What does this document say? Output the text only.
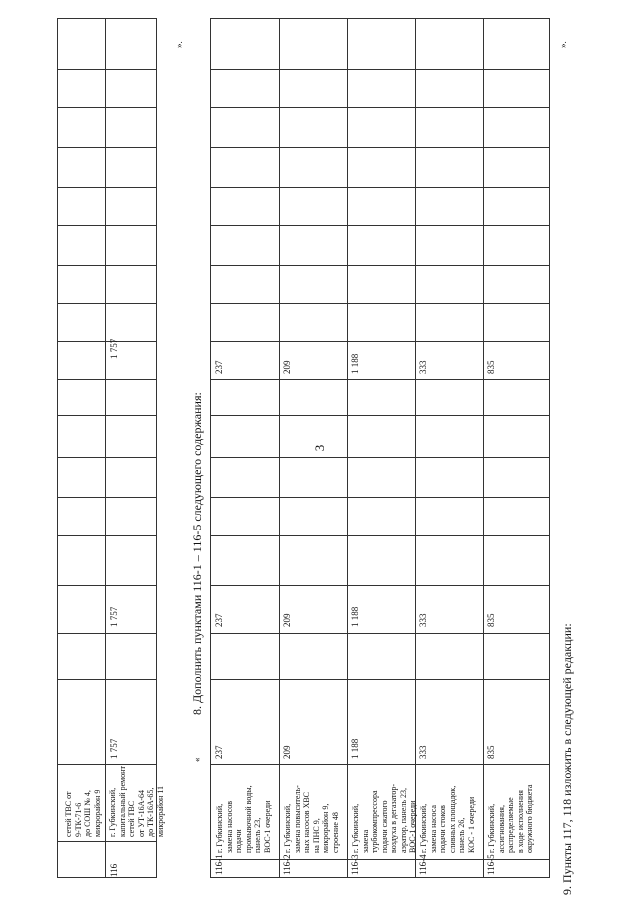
3
».
«
».
8. Дополнить пунктами 116-1 – 116-5 следующего содержания:
9. Пункты 117, 118 изложить в следующей редакции:
сетей ТВС от 9-ТК-71-6 до СОШ № 4, микрорайон 9
116
г. Губкинский, капитальный ремонт сетей ТВС от УТ-16А-64 до ТК-16А-65, микрорайон 11
1 757
1 757
1 757
116-1
г. Губкинский, замена насосов подачи промывочной воды, панель 23, ВОС-1 очереди
237
237
237
116-2
г. Губкинский, замена повыситель- ных насосов ХВС на ПНС 9, микрорайон 9, строение 48
209
209
209
116-3
г. Губкинский, замена турбокомпрессора подачи сжатого воздуха в дегазатор- аэратор, панель 23, ВОС-1 очереди
1 188
1 188
1 188
116-4
г. Губкинский, замена насоса подачи стоков сливных площадок, панель 26, КОС - 1 очереди
333
333
333
116-5
г. Губкинский, ассигнования, распределяемые в ходе исполнения окружного бюджета
835
835
835
